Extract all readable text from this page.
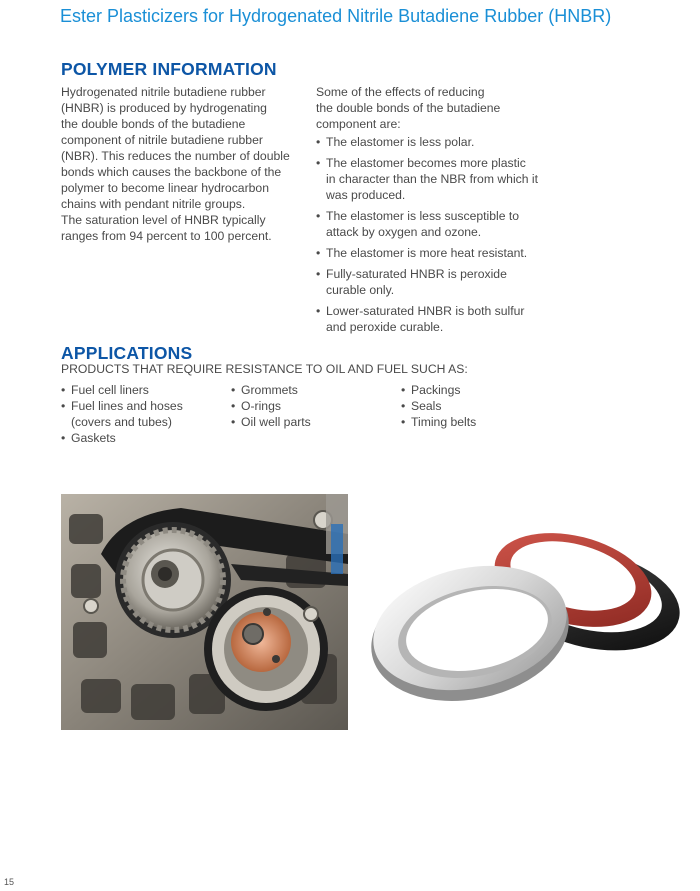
Ester Plasticizers for Hydrogenated Nitrile Butadiene Rubber (HNBR)
POLYMER INFORMATION
Hydrogenated nitrile butadiene rubber
(HNBR) is produced by hydrogenating
the double bonds of the butadiene
component of nitrile butadiene rubber
(NBR). This reduces the number of double
bonds which causes the backbone of the
polymer to become linear hydrocarbon
chains with pendant nitrile groups.
The saturation level of HNBR typically
ranges from 94 percent to 100 percent.
Some of the effects of reducing
the double bonds of the butadiene
component are:
• The elastomer is less polar.
• The elastomer becomes more plastic
in character than the NBR from which it
was produced.
• The elastomer is less susceptible to
attack by oxygen and ozone.
• The elastomer is more heat resistant.
• Fully-saturated HNBR is peroxide
curable only.
• Lower-saturated HNBR is both sulfur
and peroxide curable.
APPLICATIONS
PRODUCTS THAT REQUIRE RESISTANCE TO OIL AND FUEL SUCH AS:
• Fuel cell liners
• Fuel lines and hoses
(covers and tubes)
• Gaskets
• Grommets
• O-rings
• Oil well parts
• Packings
• Seals
• Timing belts
15
